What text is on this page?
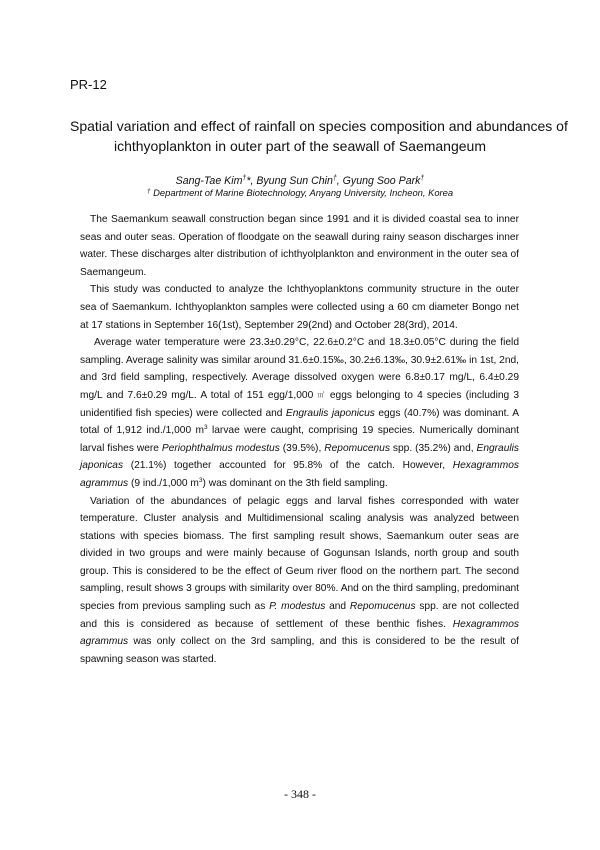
PR-12
Spatial variation and effect of rainfall on species composition and abundances of
ichthyoplankton in outer part of the seawall of Saemangeum
Sang-Tae Kim†*, Byung Sun Chin†, Gyung Soo Park†
† Department of Marine Biotechnology, Anyang University, Incheon, Korea

The Saemankum seawall construction began since 1991 and it is divided coastal sea to inner seas and outer seas. Operation of floodgate on the seawall during rainy season discharges inner water. These discharges alter distribution of ichthyolplankton and environment in the outer sea of Saemangeum.

This study was conducted to analyze the Ichthyoplanktons community structure in the outer sea of Saemankum. Ichthyoplankton samples were collected using a 60 cm diameter Bongo net at 17 stations in September 16(1st), September 29(2nd) and October 28(3rd), 2014.

Average water temperature were 23.3±0.29°C, 22.6±0.2°C and 18.3±0.05°C during the field sampling. Average salinity was similar around 31.6±0.15‰, 30.2±6.13‰, 30.9±2.61‰ in 1st, 2nd, and 3rd field sampling, respectively. Average dissolved oxygen were 6.8±0.17 mg/L, 6.4±0.29 mg/L and 7.6±0.29 mg/L. A total of 151 egg/1,000 ㎥ eggs belonging to 4 species (including 3 unidentified fish species) were collected and Engraulis japonicus eggs (40.7%) was dominant. A total of 1,912 ind./1,000 $m^3$ larvae were caught, comprising 19 species. Numerically dominant larval fishes were Periophthalmus modestus (39.5%), Repomucenus spp. (35.2%) and, Engraulis japonicas (21.1%) together accounted for 95.8% of the catch. However, Hexagrammos agrammus (9 ind./1,000 $m^3$) was dominant on the 3th field sampling.

Variation of the abundances of pelagic eggs and larval fishes corresponded with water temperature. Cluster analysis and Multidimensional scaling analysis was analyzed between stations with species biomass. The first sampling result shows, Saemankum outer seas are divided in two groups and were mainly because of Gogunsan Islands, north group and south group. This is considered to be the effect of Geum river flood on the northern part. The second sampling, result shows 3 groups with similarity over 80%. And on the third sampling, predominant species from previous sampling such as P. modestus and Repomucenus spp. are not collected and this is considered as because of settlement of these benthic fishes. Hexagrammos agrammus was only collect on the 3rd sampling, and this is considered to be the result of spawning season was started.

- 348 -
